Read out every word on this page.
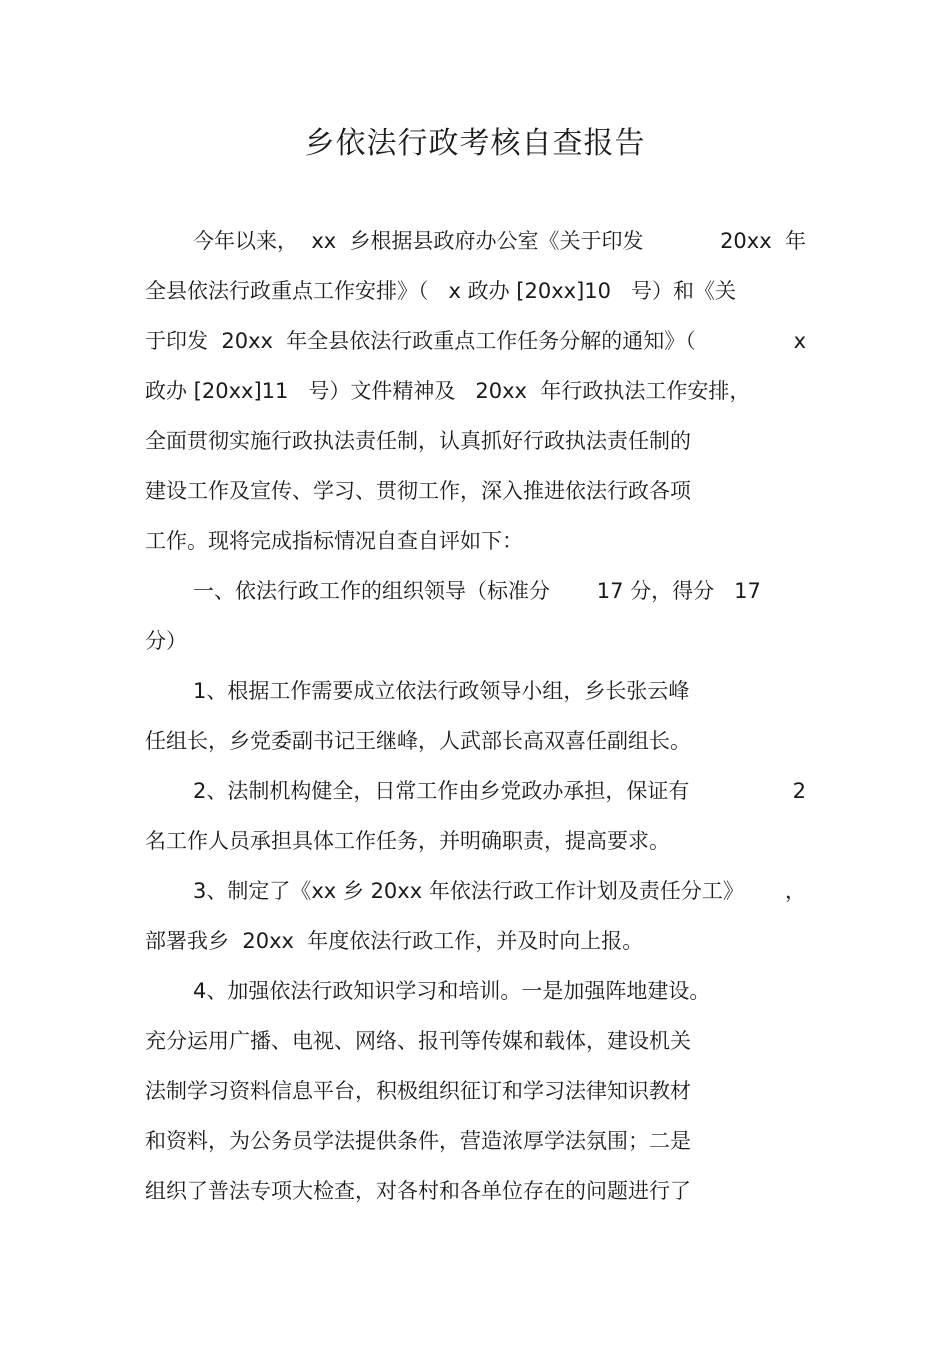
乡依法行政考核自查报告
今年以来，  xx  乡根据县政府办公室《关于印发	20xx  年
全县依法行政重点工作安排》（   x 政办 [20xx]10   号）和《关
于印发  20xx  年全县依法行政重点工作任务分解的通知》（	x
政办 [20xx]11   号）文件精神及   20xx  年行政执法工作安排，
全面贯彻实施行政执法责任制，认真抓好行政执法责任制的
建设工作及宣传、学习、贯彻工作，深入推进依法行政各项
工作。现将完成指标情况自查自评如下：
一、依法行政工作的组织领导（标准分       17 分，得分   17
分）
1、根据工作需要成立依法行政领导小组，乡长张云峰
任组长，乡党委副书记王继峰，人武部长高双喜任副组长。
2、法制机构健全，日常工作由乡党政办承担，保证有	2
名工作人员承担具体工作任务，并明确职责，提高要求。
3、制定了《xx 乡 20xx 年依法行政工作计划及责任分工》 ，
部署我乡  20xx  年度依法行政工作，并及时向上报。
4、加强依法行政知识学习和培训。一是加强阵地建设。
充分运用广播、电视、网络、报刊等传媒和载体，建设机关
法制学习资料信息平台，积极组织征订和学习法律知识教材
和资料，为公务员学法提供条件，营造浓厚学法氛围；二是
组织了普法专项大检查，对各村和各单位存在的问题进行了
